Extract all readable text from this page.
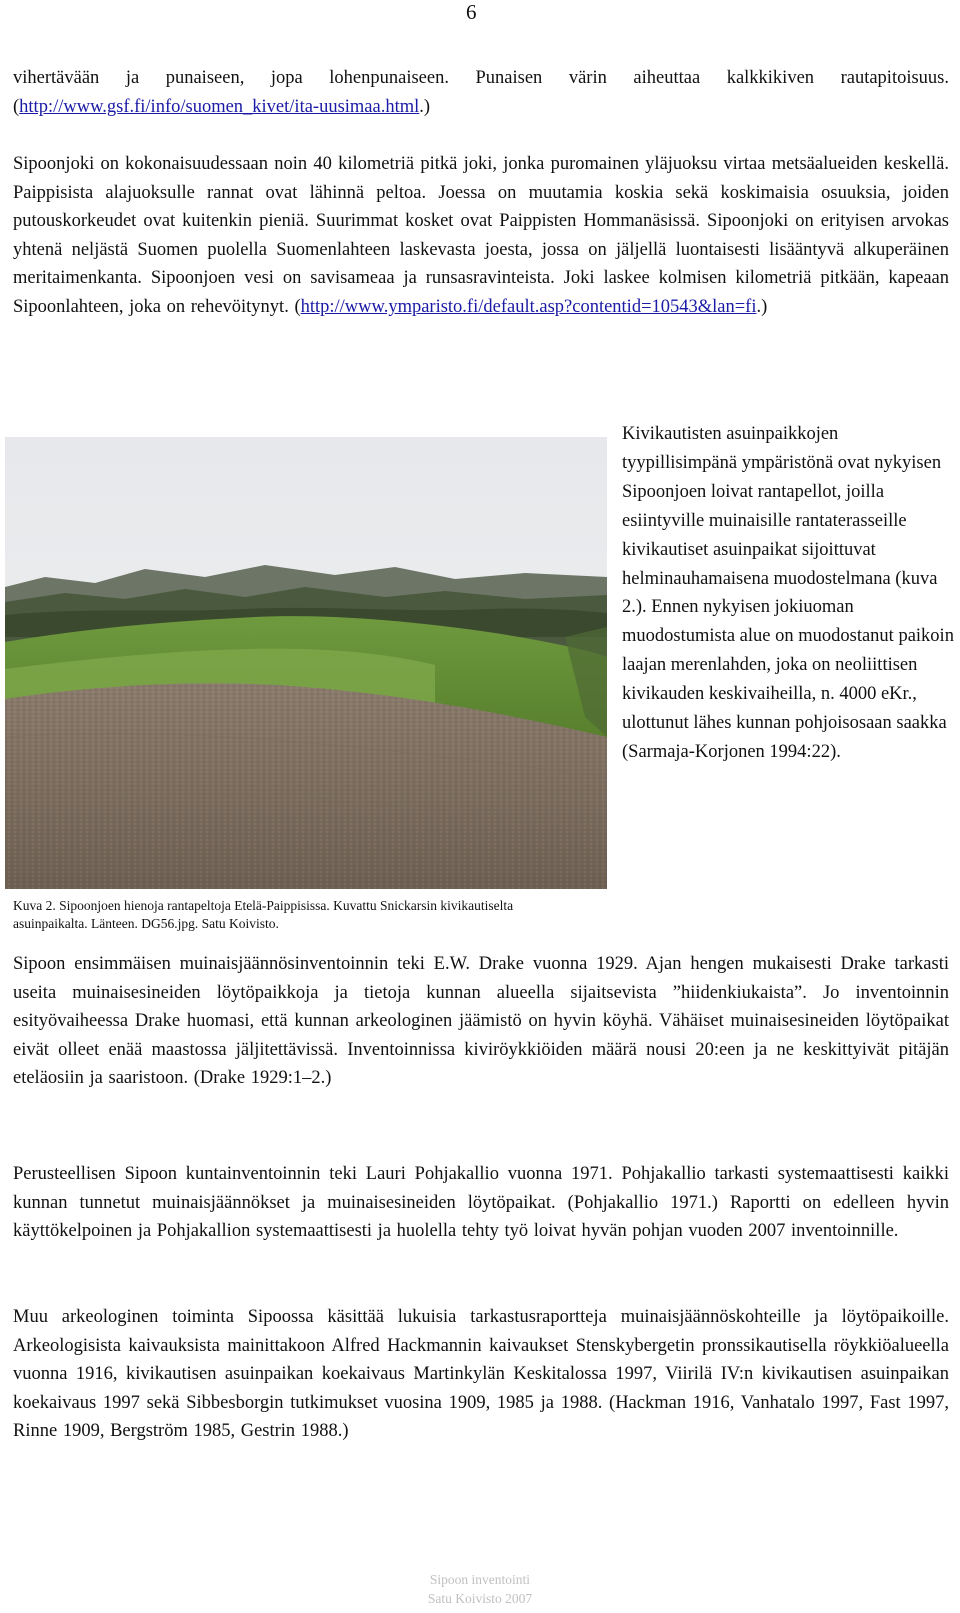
6
vihertävään ja punaiseen, jopa lohenpunaiseen. Punaisen värin aiheuttaa kalkkikiven rautapitoisuus. (http://www.gsf.fi/info/suomen_kivet/ita-uusimaa.html.)
Sipoonjoki on kokonaisuudessaan noin 40 kilometriä pitkä joki, jonka puromainen yläjuoksu virtaa metsäalueiden keskellä. Paippisista alajuoksulle rannat ovat lähinnä peltoa. Joessa on muutamia koskia sekä koskimaisia osuuksia, joiden putouskorkeudet ovat kuitenkin pieniä. Suurimmat kosket ovat Paippisten Hommanäsissä. Sipoonjoki on erityisen arvokas yhtenä neljästä Suomen puolella Suomenlahteen laskevasta joesta, jossa on jäljellä luontaisesti lisääntyvä alkuperäinen meritaimenkanta. Sipoonjoen vesi on savisameaa ja runsasravinteista. Joki laskee kolmisen kilometriä pitkään, kapeaan Sipoonlahteen, joka on rehevöitynyt. (http://www.ymparisto.fi/default.asp?contentid=10543&lan=fi.)
Kivikautisten asuinpaikkojen tyypillisimpänä ympäristönä ovat nykyisen Sipoonjoen loivat rantapellot, joilla esiintyville muinaisille rantaterasseille kivikautiset asuinpaikat sijoittuvat helminauhamaisena muodostelmana (kuva 2.). Ennen nykyisen jokiuoman muodostumista alue on muodostanut paikoin laajan merenlahden, joka on neoliittisen kivikauden keskivaiheilla, n. 4000 eKr., ulottunut lähes kunnan pohjoisosaan saakka (Sarmaja-Korjonen 1994:22).
Kuva 2. Sipoonjoen hienoja rantapeltoja Etelä-Paippisissa. Kuvattu Snickarsin kivikautiselta asuinpaikalta. Länteen. DG56.jpg. Satu Koivisto.
Sipoon ensimmäisen muinaisjäännösinventoinnin teki E.W. Drake vuonna 1929. Ajan hengen mukaisesti Drake tarkasti useita muinaisesineiden löytöpaikkoja ja tietoja kunnan alueella sijaitsevista ”hiidenkiukaista”. Jo inventoinnin esityövaiheessa Drake huomasi, että kunnan arkeologinen jäämistö on hyvin köyhä. Vähäiset muinaisesineiden löytöpaikat eivät olleet enää maastossa jäljitettävissä. Inventoinnissa kiviröykkiöiden määrä nousi 20:een ja ne keskittyivät pitäjän eteläosiin ja saaristoon. (Drake 1929:1–2.)
Perusteellisen Sipoon kuntainventoinnin teki Lauri Pohjakallio vuonna 1971. Pohjakallio tarkasti systemaattisesti kaikki kunnan tunnetut muinaisjäännökset ja muinaisesineiden löytöpaikat. (Pohjakallio 1971.) Raportti on edelleen hyvin käyttökelpoinen ja Pohjakallion systemaattisesti ja huolella tehty työ loivat hyvän pohjan vuoden 2007 inventoinnille.
Muu arkeologinen toiminta Sipoossa käsittää lukuisia tarkastusraportteja muinaisjäännöskohteille ja löytöpaikoille. Arkeologisista kaivauksista mainittakoon Alfred Hackmannin kaivaukset Stenskybergetin pronssikautisella röykkiöalueella vuonna 1916, kivikautisen asuinpaikan koekaivaus Martinkylän Keskitalossa 1997, Viirilä IV:n kivikautisen asuinpaikan koekaivaus 1997 sekä Sibbesborgin tutkimukset vuosina 1909, 1985 ja 1988. (Hackman 1916, Vanhatalo 1997, Fast 1997, Rinne 1909, Bergström 1985, Gestrin 1988.)
Sipoon inventointi
Satu Koivisto 2007
